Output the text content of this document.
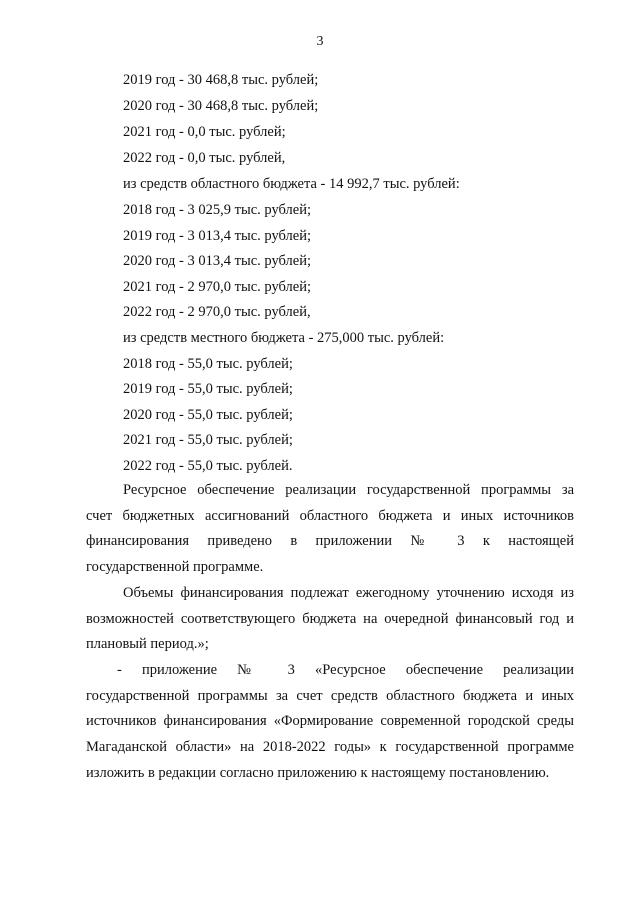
3
2019 год - 30 468,8 тыс. рублей;
2020 год - 30 468,8 тыс. рублей;
2021 год - 0,0 тыс. рублей;
2022 год - 0,0 тыс. рублей,
из средств областного бюджета - 14 992,7 тыс. рублей:
2018 год - 3 025,9 тыс. рублей;
2019 год - 3 013,4 тыс. рублей;
2020 год - 3 013,4 тыс. рублей;
2021 год - 2 970,0 тыс. рублей;
2022 год - 2 970,0 тыс. рублей,
из средств местного бюджета - 275,000 тыс. рублей:
2018 год - 55,0 тыс. рублей;
2019 год - 55,0 тыс. рублей;
2020 год - 55,0 тыс. рублей;
2021 год - 55,0 тыс. рублей;
2022 год - 55,0 тыс. рублей.
Ресурсное обеспечение реализации государственной программы за
счет бюджетных ассигнований областного бюджета и иных источников
финансирования приведено в приложении № 3 к настоящей
государственной программе.
Объемы финансирования подлежат ежегодному уточнению исходя из
возможностей соответствующего бюджета на очередной финансовый год и
плановый период.»;
- приложение № 3 «Ресурсное обеспечение реализации
государственной программы за счет средств областного бюджета и иных
источников финансирования «Формирование современной городской среды
Магаданской области» на 2018-2022 годы» к государственной программе
изложить в редакции согласно приложению к настоящему постановлению.
